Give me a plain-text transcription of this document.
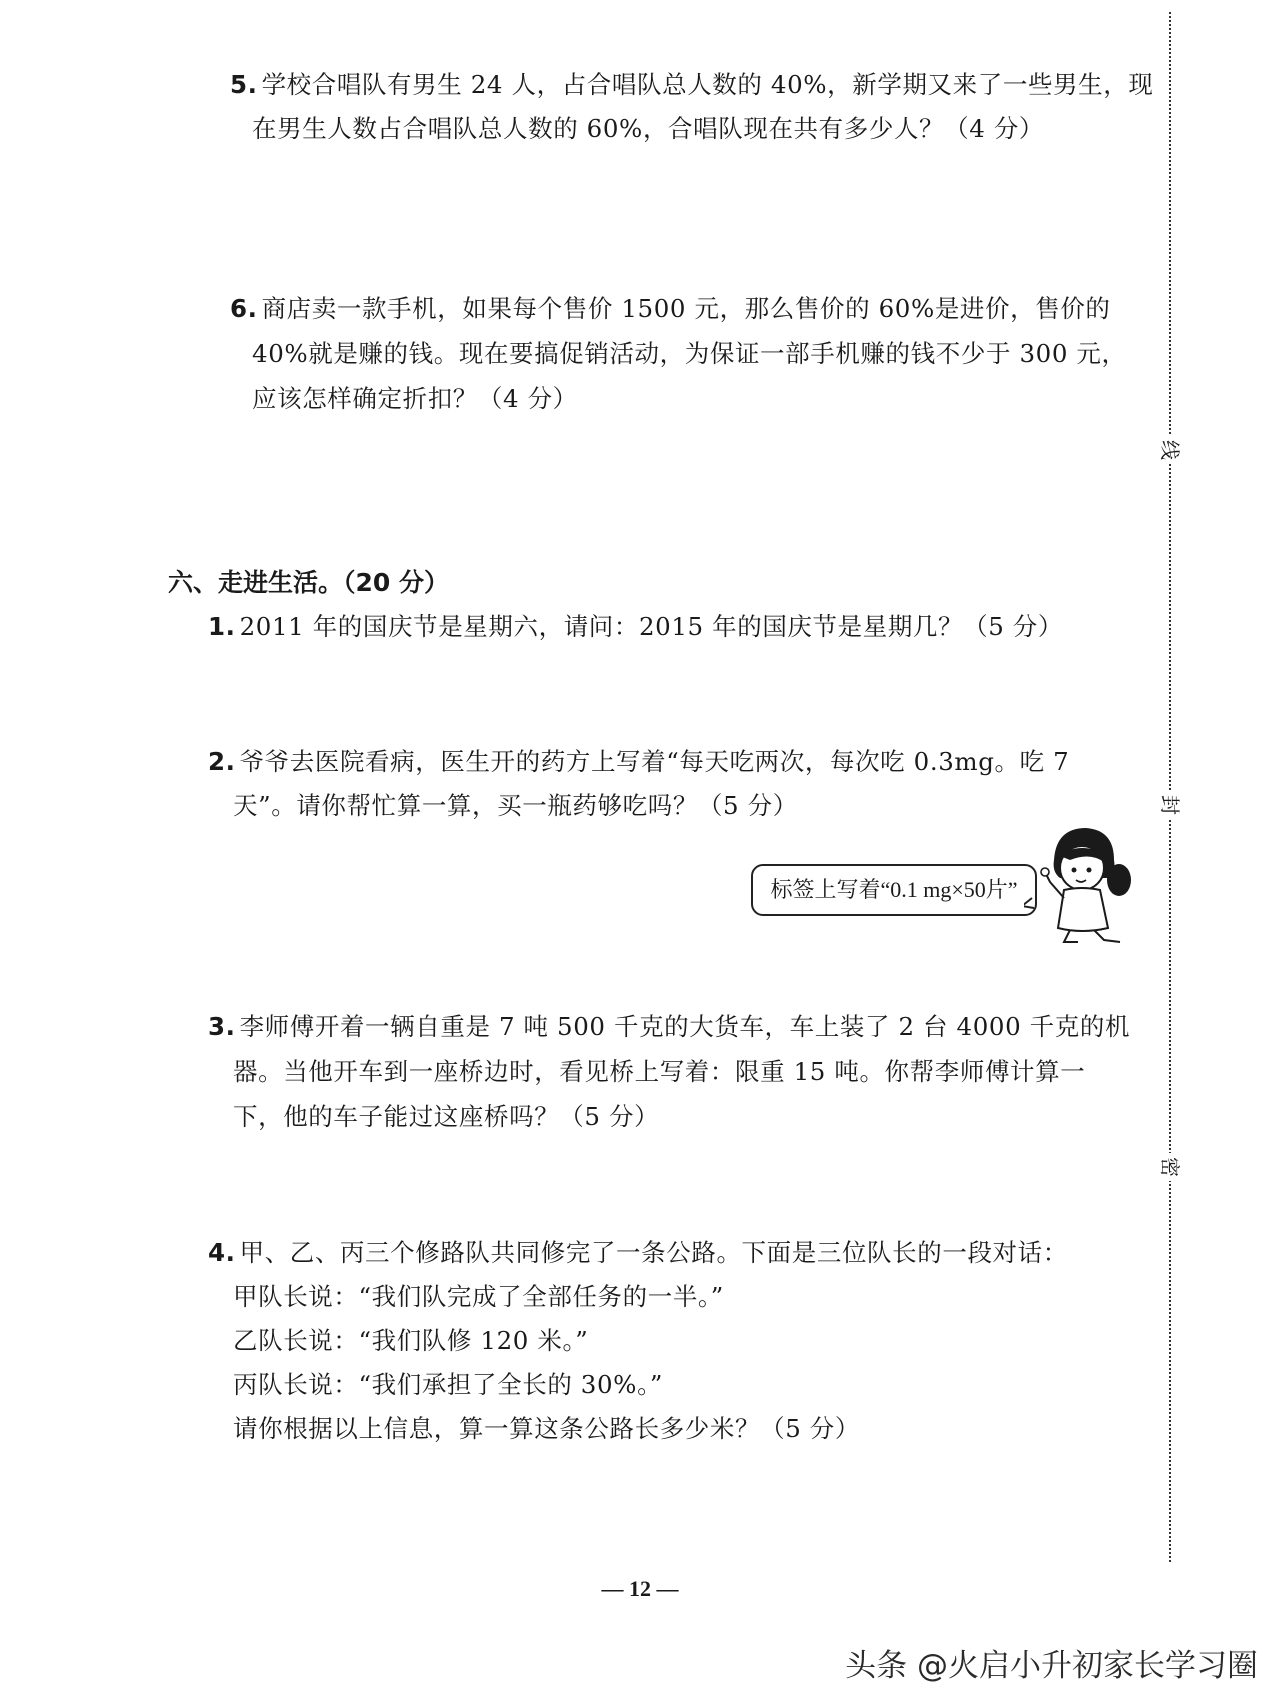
5. 学校合唱队有男生 24 人，占合唱队总人数的 40%，新学期又来了一些男生，现
在男生人数占合唱队总人数的 60%，合唱队现在共有多少人？（4 分）
6. 商店卖一款手机，如果每个售价 1500 元，那么售价的 60%是进价，售价的
40%就是赚的钱。现在要搞促销活动，为保证一部手机赚的钱不少于 300 元，
应该怎样确定折扣？（4 分）
六、走进生活。（20 分）
1. 2011 年的国庆节是星期六，请问：2015 年的国庆节是星期几？（5 分）
2. 爷爷去医院看病，医生开的药方上写着“每天吃两次，每次吃 0.3mg。吃 7
天”。请你帮忙算一算，买一瓶药够吃吗？（5 分）
标签上写着“0.1 mg×50片”
3. 李师傅开着一辆自重是 7 吨 500 千克的大货车，车上装了 2 台 4000 千克的机
器。当他开车到一座桥边时，看见桥上写着：限重 15 吨。你帮李师傅计算一
下，他的车子能过这座桥吗？（5 分）
4. 甲、乙、丙三个修路队共同修完了一条公路。下面是三位队长的一段对话：
甲队长说：“我们队完成了全部任务的一半。”
乙队长说：“我们队修 120 米。”
丙队长说：“我们承担了全长的 30%。”
请你根据以上信息，算一算这条公路长多少米？（5 分）
线
封
密
— 12 —
头条 @火启小升初家长学习圈
